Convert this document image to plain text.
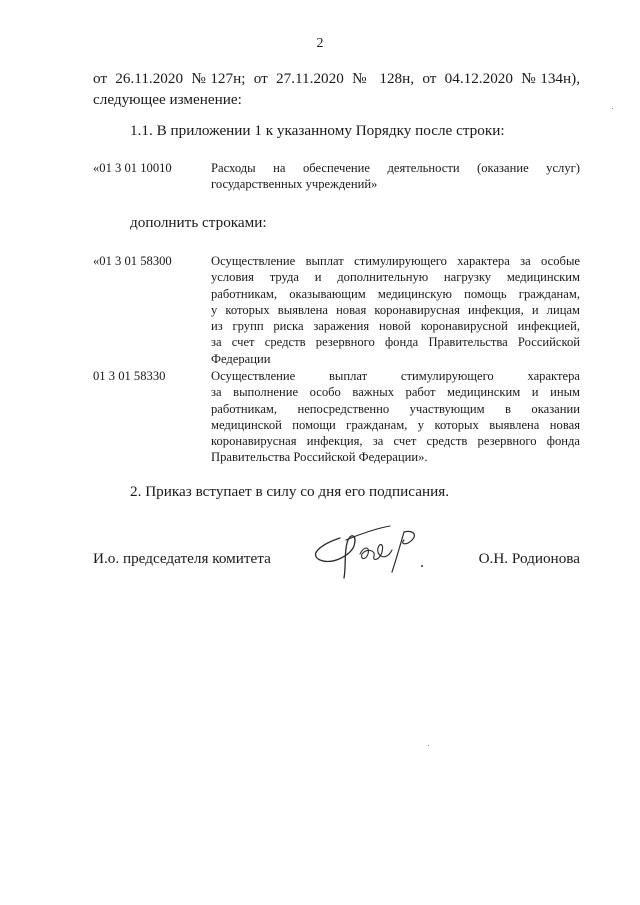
2
от 26.11.2020 №127н; от 27.11.2020 № 128н, от 04.12.2020 №134н),
следующее изменение:
1.1. В приложении 1 к указанному Порядку после строки:
«01 3 01 10010	Расходы на обеспечение деятельности (оказание услуг)
государственных учреждений»
дополнить строками:
«01 3 01 58300	Осуществление выплат стимулирующего характера за особые
условия труда и дополнительную нагрузку медицинским
работникам, оказывающим медицинскую помощь гражданам,
у которых выявлена новая коронавирусная инфекция, и лицам
из групп риска заражения новой коронавирусной инфекцией,
за счет средств резервного фонда Правительства Российской
Федерации
01 3 01 58330	Осуществление выплат стимулирующего характера
за выполнение особо важных работ медицинским и иным
работникам, непосредственно участвующим в оказании
медицинской помощи гражданам, у которых выявлена новая
коронавирусная инфекция, за счет средств резервного фонда
Правительства Российской Федерации».
2. Приказ вступает в силу со дня его подписания.
И.о. председателя комитета	О.Н. Родионова
